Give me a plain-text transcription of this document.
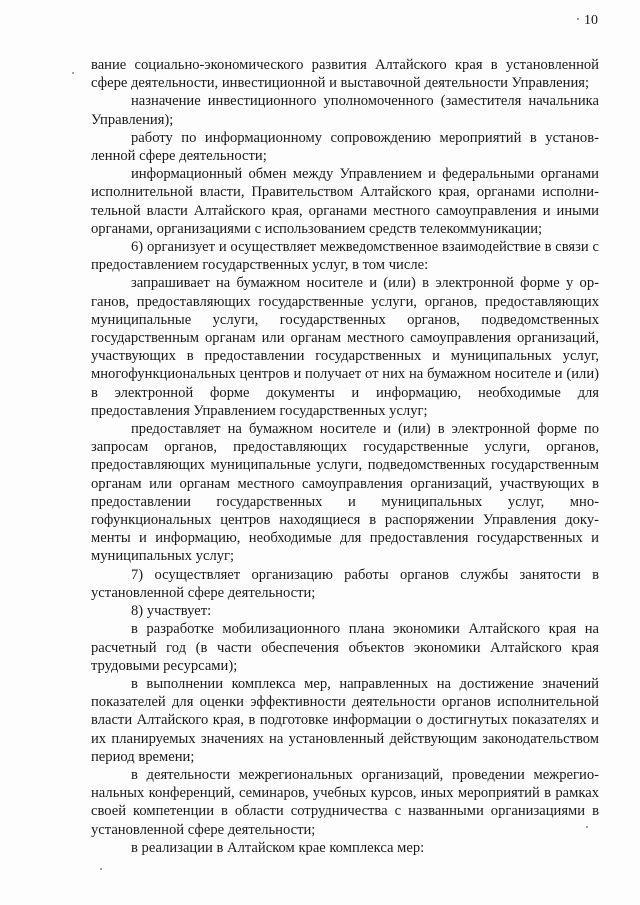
10

вание социально-экономического развития Алтайского края в установленной сфере деятельности, инвестиционной и выставочной деятельности Управления;

назначение инвестиционного уполномоченного (заместителя начальника Управления);

работу по информационному сопровождению мероприятий в установленной сфере деятельности;

информационный обмен между Управлением и федеральными органами исполнительной власти, Правительством Алтайского края, органами исполнительной власти Алтайского края, органами местного самоуправления и иными органами, организациями с использованием средств телекоммуникации;

6) организует и осуществляет межведомственное взаимодействие в связи с предоставлением государственных услуг, в том числе:

запрашивает на бумажном носителе и (или) в электронной форме у органов, предоставляющих государственные услуги, органов, предоставляющих муниципальные услуги, государственных органов, подведомственных государственным органам или органам местного самоуправления организаций, участвующих в предоставлении государственных и муниципальных услуг, многофункциональных центров и получает от них на бумажном носителе и (или) в электронной форме документы и информацию, необходимые для предоставления Управлением государственных услуг;

предоставляет на бумажном носителе и (или) в электронной форме по запросам органов, предоставляющих государственные услуги, органов, предоставляющих муниципальные услуги, подведомственных государственным органам или органам местного самоуправления организаций, участвующих в предоставлении государственных и муниципальных услуг, многофункциональных центров находящиеся в распоряжении Управления документы и информацию, необходимые для предоставления государственных и муниципальных услуг;

7) осуществляет организацию работы органов службы занятости в установленной сфере деятельности;

8) участвует:

в разработке мобилизационного плана экономики Алтайского края на расчетный год (в части обеспечения объектов экономики Алтайского края трудовыми ресурсами);

в выполнении комплекса мер, направленных на достижение значений показателей для оценки эффективности деятельности органов исполнительной власти Алтайского края, в подготовке информации о достигнутых показателях и их планируемых значениях на установленный действующим законодательством период времени;

в деятельности межрегиональных организаций, проведении межрегиональных конференций, семинаров, учебных курсов, иных мероприятий в рамках своей компетенции в области сотрудничества с названными организациями в установленной сфере деятельности;

в реализации в Алтайском крае комплекса мер:
